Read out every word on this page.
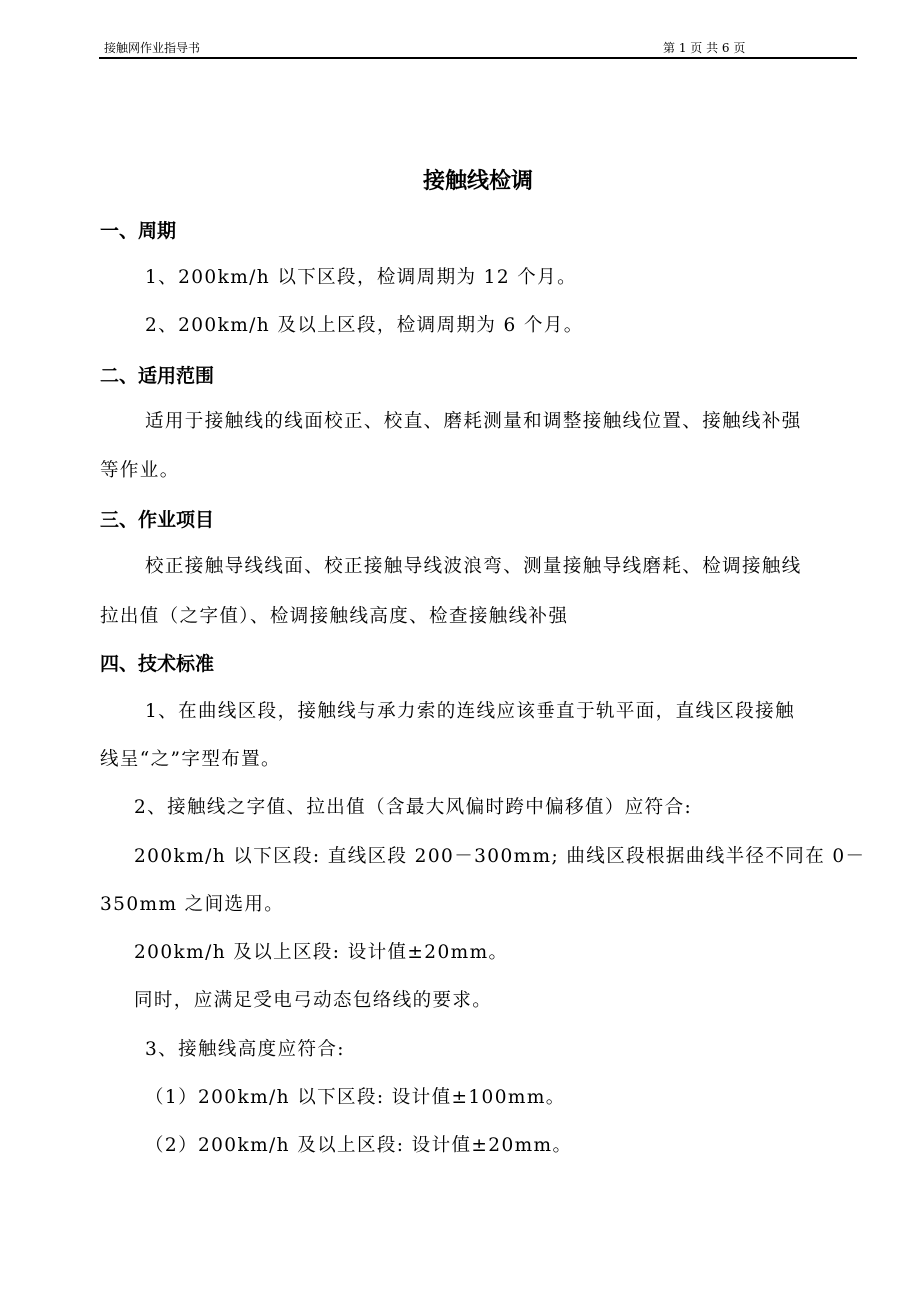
接触网作业指导书	第 1 页 共 6 页
接触线检调
一、周期
1、200km/h 以下区段，检调周期为 12 个月。
2、200km/h 及以上区段，检调周期为 6 个月。
二、适用范围
适用于接触线的线面校正、校直、磨耗测量和调整接触线位置、接触线补强
等作业。
三、作业项目
校正接触导线线面、校正接触导线波浪弯、测量接触导线磨耗、检调接触线
拉出值（之字值）、检调接触线高度、检查接触线补强
四、技术标准
1、在曲线区段，接触线与承力索的连线应该垂直于轨平面，直线区段接触
线呈“之”字型布置。
2、接触线之字值、拉出值（含最大风偏时跨中偏移值）应符合:
200km/h 以下区段: 直线区段 200－300mm; 曲线区段根据曲线半径不同在 0－
350mm 之间选用。
200km/h 及以上区段: 设计值±20mm。
同时，应满足受电弓动态包络线的要求。
3、接触线高度应符合:
（1）200km/h 以下区段: 设计值±100mm。
（2）200km/h 及以上区段: 设计值±20mm。
